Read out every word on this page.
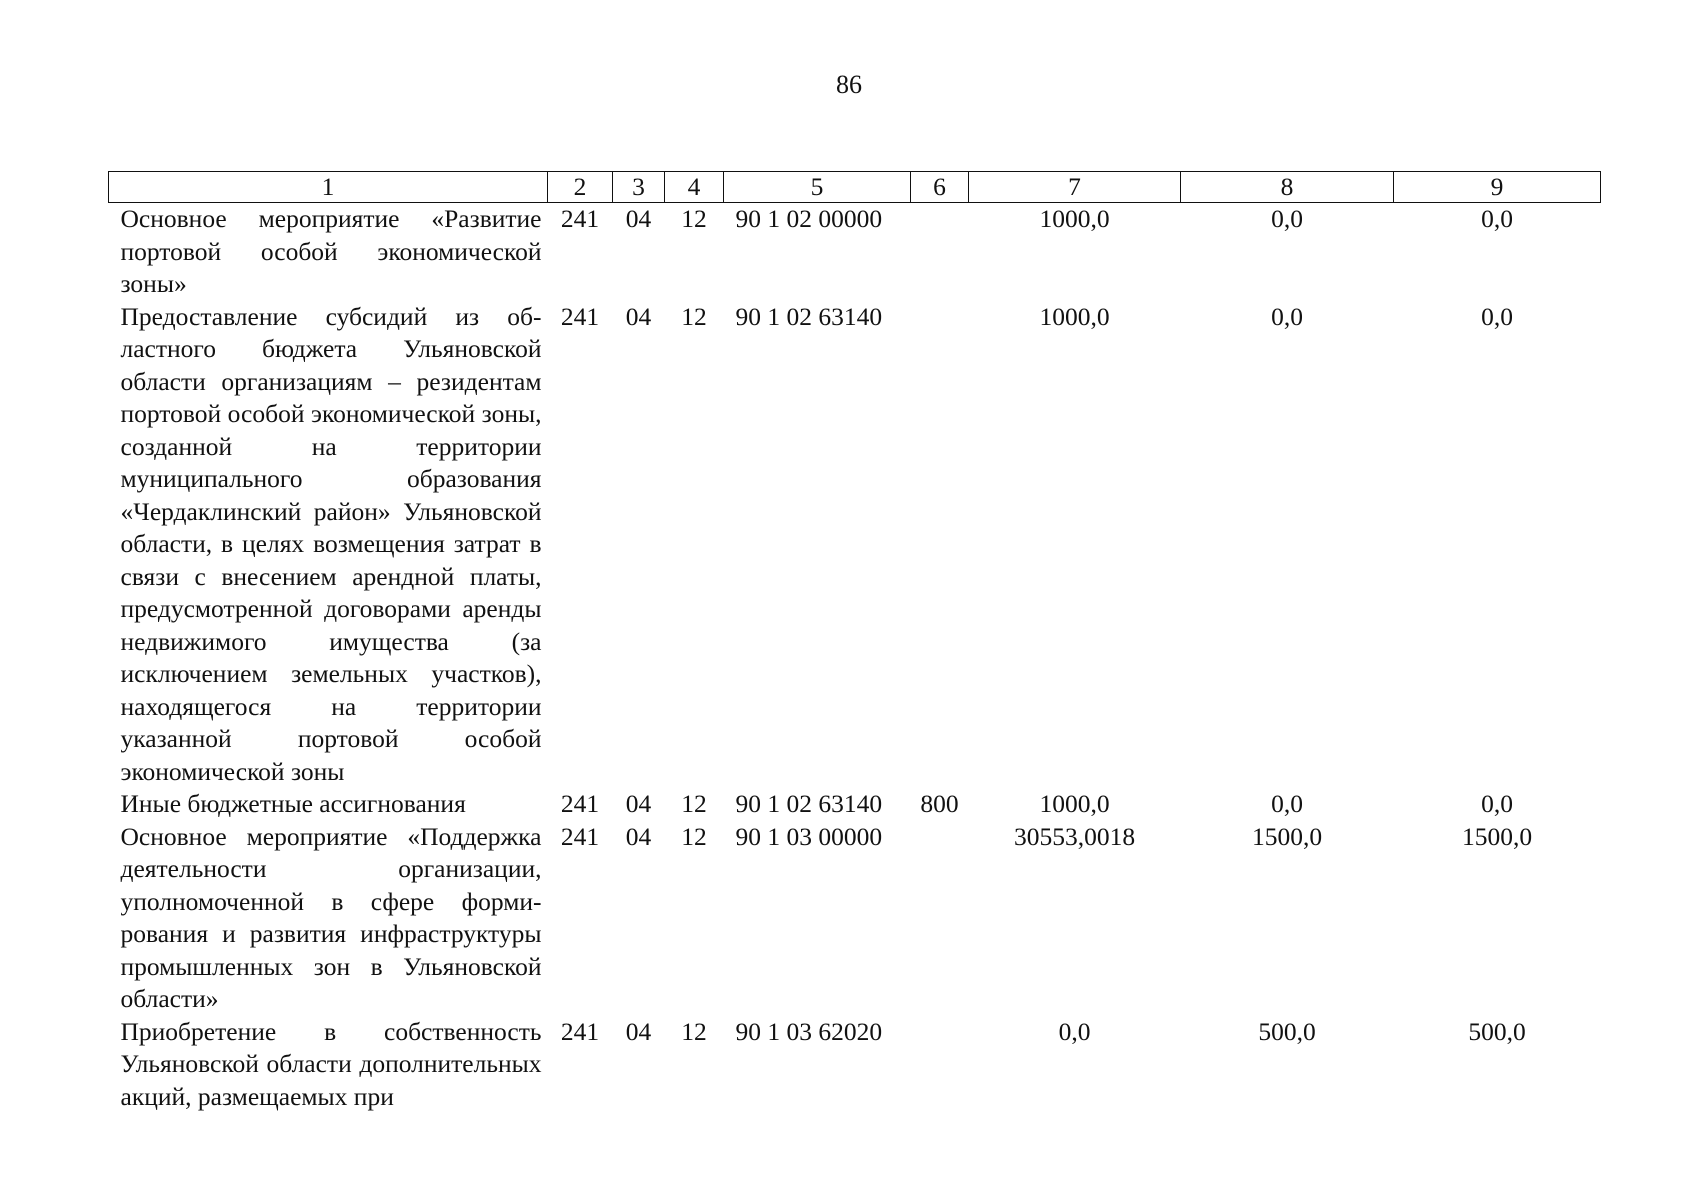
86
1	2	3	4	5	6	7	8	9
Основное мероприятие «Развитие портовой особой экономической зоны»	241	04	12	90 1 02 00000		1000,0	0,0	0,0
Предоставление субсидий из областного бюджета Ульяновской области организациям – резидентам портовой особой экономической зоны, созданной на территории муниципального образования «Чердаклинский район» Ульяновской области, в целях возмещения затрат в связи с внесением арендной платы, предусмотренной договорами аренды недвижимого имущества (за исключением земельных участков), находящегося на территории указанной портовой особой экономической зоны	241	04	12	90 1 02 63140		1000,0	0,0	0,0
Иные бюджетные ассигнования	241	04	12	90 1 02 63140	800	1000,0	0,0	0,0
Основное мероприятие «Поддержка деятельности организации, уполномоченной в сфере формирования и развития инфраструктуры промышленных зон в Ульяновской области»	241	04	12	90 1 03 00000		30553,0018	1500,0	1500,0
Приобретение в собственность Ульяновской области дополнительных акций, размещаемых при	241	04	12	90 1 03 62020		0,0	500,0	500,0
